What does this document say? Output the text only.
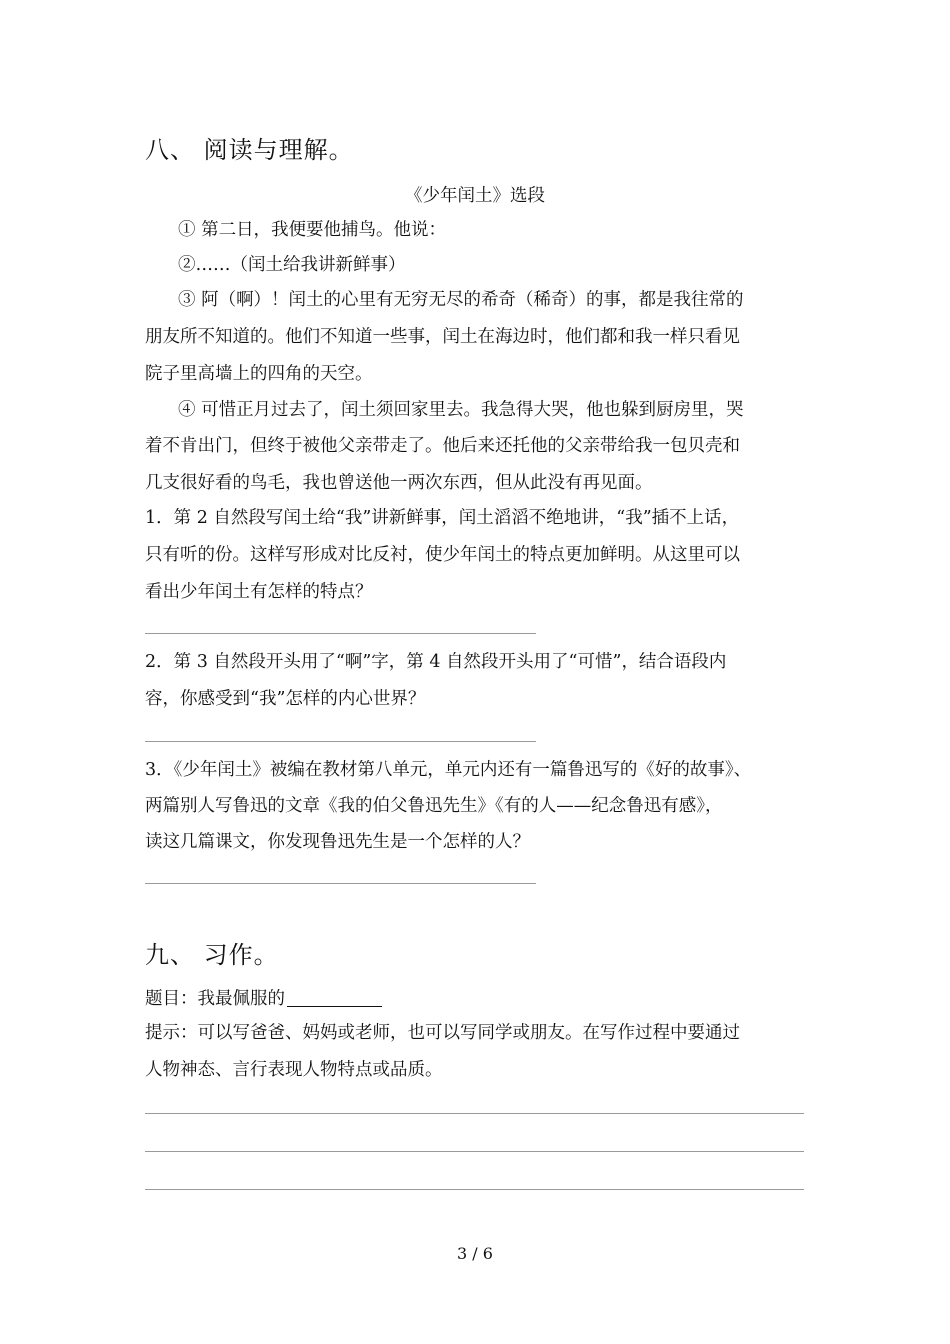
八、 阅读与理解。
《少年闰土》选段
① 第二日，我便要他捕鸟。他说：
②……（闰土给我讲新鲜事）
③ 阿（啊）！闰土的心里有无穷无尽的希奇（稀奇）的事，都是我往常的
朋友所不知道的。他们不知道一些事，闰土在海边时，他们都和我一样只看见
院子里高墙上的四角的天空。
④ 可惜正月过去了，闰土须回家里去。我急得大哭，他也躲到厨房里，哭
着不肯出门，但终于被他父亲带走了。他后来还托他的父亲带给我一包贝壳和
几支很好看的鸟毛，我也曾送他一两次东西，但从此没有再见面。
1．第 2 自然段写闰土给“我”讲新鲜事，闰土滔滔不绝地讲，“我”插不上话，
只有听的份。这样写形成对比反衬，使少年闰土的特点更加鲜明。从这里可以
看出少年闰土有怎样的特点？
2．第 3 自然段开头用了“啊”字，第 4 自然段开头用了“可惜”，结合语段内
容，你感受到“我”怎样的内心世界？
3．《少年闰土》被编在教材第八单元，单元内还有一篇鲁迅写的《好的故事》、
两篇别人写鲁迅的文章《我的伯父鲁迅先生》《有的人——纪念鲁迅有感》，
读这几篇课文，你发现鲁迅先生是一个怎样的人？
九、 习作。
题目：我最佩服的
提示：可以写爸爸、妈妈或老师，也可以写同学或朋友。在写作过程中要通过
人物神态、言行表现人物特点或品质。
3 / 6
